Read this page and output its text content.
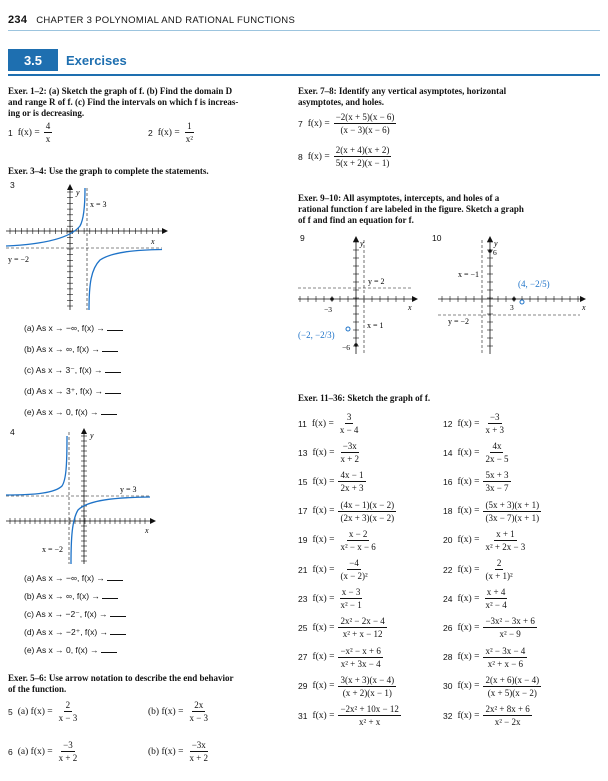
234 CHAPTER 3 POLYNOMIAL AND RATIONAL FUNCTIONS
3.5	Exercises
Exer. 1–2: (a) Sketch the graph of f. (b) Find the domain D
and range R of f. (c) Find the intervals on which f is increas-
ing or is decreasing.
1 $f(x) = \frac{4}{x}$	2 $f(x) = \frac{1}{\text{x²}}$
Exer. 3–4: Use the graph to complete the statements.
3
x = 3
y = −2
x
y
(a) As x → −∞, f(x) →
(b) As x → ∞, f(x) →
(c) As x → 3⁻, f(x) →
(d) As x → 3⁺, f(x) →
(e) As x → 0, f(x) →
4
y = 3
x = −2
x
y
(a) As x → −∞, f(x) →
(b) As x → ∞, f(x) →
(c) As x → −2⁻, f(x) →
(d) As x → −2⁺, f(x) →
(e) As x → 0, f(x) →
Exer. 5–6: Use arrow notation to describe the end behavior
of the function.
5 (a) $f(x) = \frac{2}{x - 3}$	(b) $f(x) = \frac{2x}{x - 3}$
6 (a) $f(x) = \frac{-3}{x + 2}$	(b) $f(x) = \frac{-3x}{x + 2}$
Exer. 7–8: Identify any vertical asymptotes, horizontal
asymptotes, and holes.
7 $f(x) = \frac{-2(x + 5)(x - 6)}{(x - 3)(x - 6)}$
8 $f(x) = \frac{2(x + 4)(x + 2)}{5(x + 2)(x - 1)}$
Exer. 9–10: All asymptotes, intercepts, and holes of a
rational function f are labeled in the figure. Sketch a graph
of f and find an equation for f.
9
y = 2
x = 1
−3
−6
(−2, −2/3)
y
x
10
x = −1
y = −2
6
3
(4, −2/5)
y
x
Exer. 11–36: Sketch the graph of f.
11 $f(x) = \frac{3}{x - 4}$	12 $f(x) = \frac{-3}{x + 3}$
13 $f(x) = \frac{-3x}{x + 2}$	14 $f(x) = \frac{4x}{2x - 5}$
15 $f(x) = \frac{4x - 1}{2x + 3}$	16 $f(x) = \frac{5x + 3}{3x - 7}$
17 $f(x) = \frac{(4x - 1)(x - 2)}{(2x + 3)(x - 2)}$	18 $f(x) = \frac{(5x + 3)(x + 1)}{(3x - 7)(x + 1)}$
19 $f(x) = \frac{x - 2}{\text{x² − x − 6}}$	20 $f(x) = \frac{x + 1}{\text{x² + 2x − 3}}$
21 $f(x) = \frac{-4}{\text{(x − 2)²}}$	22 $f(x) = \frac{2}{\text{(x + 1)²}}$
23 $f(x) = \frac{x - 3}{\text{x² − 1}}$	24 $f(x) = \frac{x + 4}{\text{x² − 4}}$
25 $f(x) = \frac{\text{2x² − 2x − 4}}{\text{x² + x − 12}}$	26 $f(x) = \frac{\text{−3x² − 3x + 6}}{\text{x² − 9}}$
27 $f(x) = \frac{\text{−x² − x + 6}}{\text{x² + 3x − 4}}$	28 $f(x) = \frac{\text{x² − 3x − 4}}{\text{x² + x − 6}}$
29 $f(x) = \frac{3(x + 3)(x - 4)}{(x + 2)(x - 1)}$	30 $f(x) = \frac{2(x + 6)(x - 4)}{(x + 5)(x - 2)}$
31 $f(x) = \frac{\text{−2x² + 10x − 12}}{\text{x² + x}}$	32 $f(x) = \frac{\text{2x² + 8x + 6}}{\text{x² − 2x}}$
